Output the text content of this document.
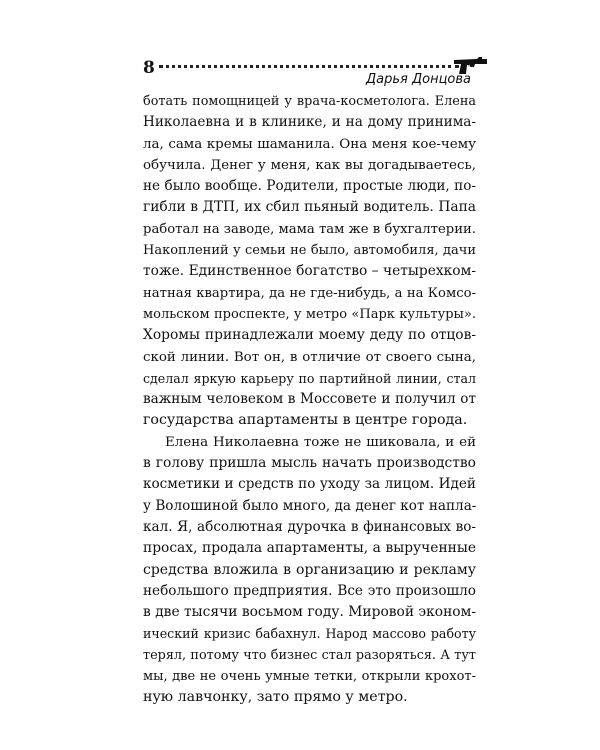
8
Дарья Донцова
ботать помощницей у врача-косметолога. Елена
Николаевна и в клинике, и на дому принима-
ла, сама кремы шаманила. Она меня кое-чему
обучила. Денег у меня, как вы догадываетесь,
не было вообще. Родители, простые люди, по-
гибли в ДТП, их сбил пьяный водитель. Папа
работал на заводе, мама там же в бухгалтерии.
Накоплений у семьи не было, автомобиля, дачи
тоже. Единственное богатство – четырехком-
натная квартира, да не где-нибудь, а на Комсо-
мольском проспекте, у метро «Парк культуры».
Хоромы принадлежали моему деду по отцов-
ской линии. Вот он, в отличие от своего сына,
сделал яркую карьеру по партийной линии, стал
важным человеком в Моссовете и получил от
государства апартаменты в центре города.
Елена Николаевна тоже не шиковала, и ей
в голову пришла мысль начать производство
косметики и средств по уходу за лицом. Идей
у Волошиной было много, да денег кот напла-
кал. Я, абсолютная дурочка в финансовых во-
просах, продала апартаменты, а вырученные
средства вложила в организацию и рекламу
небольшого предприятия. Все это произошло
в две тысячи восьмом году. Мировой эконом-
ический кризис бабахнул. Народ массово работу
терял, потому что бизнес стал разоряться. А тут
мы, две не очень умные тетки, открыли крохот-
ную лавчонку, зато прямо у метро.
